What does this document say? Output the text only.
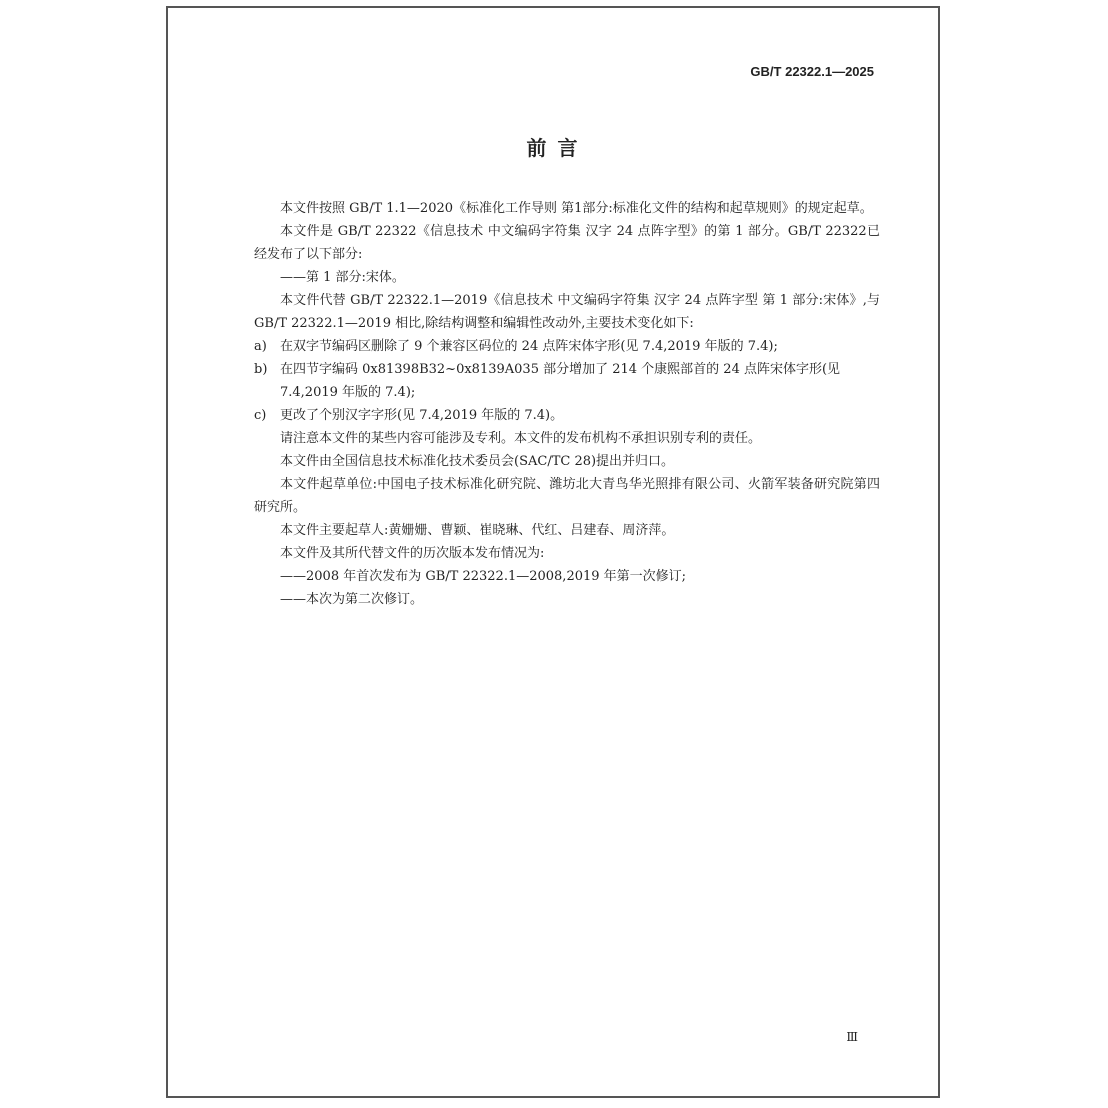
GB/T 22322.1—2025
前 言

本文件按照 GB/T 1.1—2020《标准化工作导则 第1部分:标准化文件的结构和起草规则》的规定起草。

本文件是 GB/T 22322《信息技术 中文编码字符集 汉字 24 点阵字型》的第 1 部分。GB/T 22322已经发布了以下部分:

——第 1 部分:宋体。

本文件代替 GB/T 22322.1—2019《信息技术 中文编码字符集 汉字 24 点阵字型 第 1 部分:宋体》,与 GB/T 22322.1—2019 相比,除结构调整和编辑性改动外,主要技术变化如下:

a)	在双字节编码区删除了 9 个兼容区码位的 24 点阵宋体字形(见 7.4,2019 年版的 7.4);
b) 在四节字编码 0x81398B32~0x8139A035 部分增加了 214 个康熙部首的 24 点阵宋体字形(见 7.4,2019 年版的 7.4);
c)	更改了个别汉字字形(见 7.4,2019 年版的 7.4)。

请注意本文件的某些内容可能涉及专利。本文件的发布机构不承担识别专利的责任。

本文件由全国信息技术标准化技术委员会(SAC/TC 28)提出并归口。

本文件起草单位:中国电子技术标准化研究院、潍坊北大青鸟华光照排有限公司、火箭军装备研究院第四研究所。

本文件主要起草人:黄姗姗、曹颖、崔晓琳、代红、吕建春、周济萍。

本文件及其所代替文件的历次版本发布情况为:

——2008 年首次发布为 GB/T 22322.1—2008,2019 年第一次修订;

——本次为第二次修订。

Ⅲ
